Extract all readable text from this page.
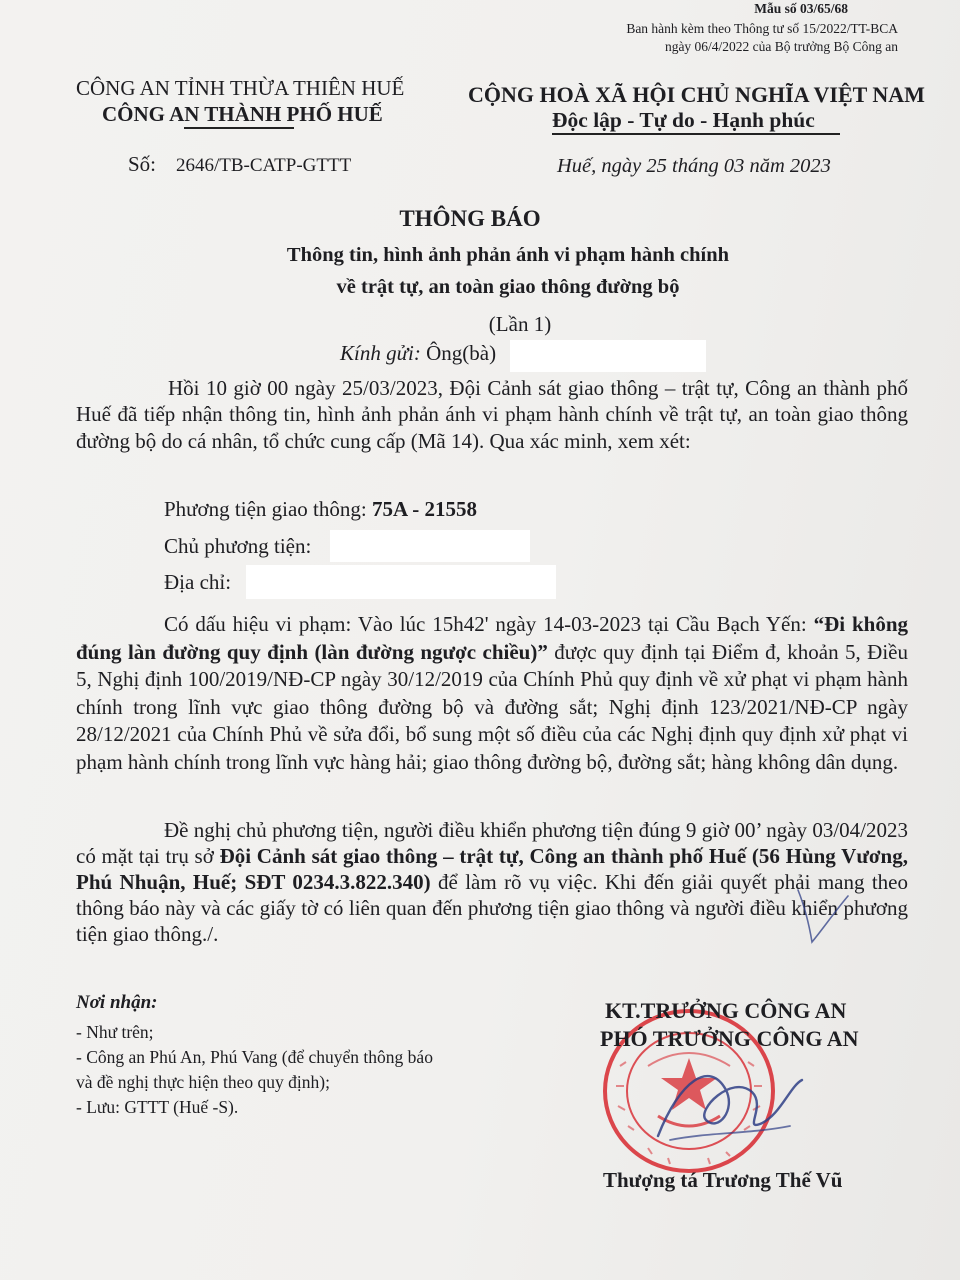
Mẫu số 03/65/68
Ban hành kèm theo Thông tư số 15/2022/TT-BCA
ngày 06/4/2022 của Bộ trưởng Bộ Công an
CÔNG AN TỈNH THỪA THIÊN HUẾ
CÔNG AN THÀNH PHỐ HUẾ
CỘNG HOÀ XÃ HỘI CHỦ NGHĨA VIỆT NAM
Độc lập - Tự do - Hạnh phúc
Số: 2646/TB-CATP-GTTT	Huế, ngày 25 tháng 03 năm 2023
THÔNG BÁO
Thông tin, hình ảnh phản ánh vi phạm hành chính
về trật tự, an toàn giao thông đường bộ
(Lần 1)
Kính gửi: Ông(bà)

Hồi 10 giờ 00 ngày 25/03/2023, Đội Cảnh sát giao thông – trật tự, Công an thành phố Huế đã tiếp nhận thông tin, hình ảnh phản ánh vi phạm hành chính về trật tự, an toàn giao thông đường bộ do cá nhân, tổ chức cung cấp (Mã 14). Qua xác minh, xem xét:

Phương tiện giao thông: 75A - 21558
Chủ phương tiện:
Địa chỉ:

Có dấu hiệu vi phạm: Vào lúc 15h42' ngày 14-03-2023 tại Cầu Bạch Yến: “Đi không đúng làn đường quy định (làn đường ngược chiều)” được quy định tại Điểm đ, khoản 5, Điều 5, Nghị định 100/2019/NĐ-CP ngày 30/12/2019 của Chính Phủ quy định về xử phạt vi phạm hành chính trong lĩnh vực giao thông đường bộ và đường sắt; Nghị định 123/2021/NĐ-CP ngày 28/12/2021 của Chính Phủ về sửa đổi, bổ sung một số điều của các Nghị định quy định xử phạt vi phạm hành chính trong lĩnh vực hàng hải; giao thông đường bộ, đường sắt; hàng không dân dụng.

Đề nghị chủ phương tiện, người điều khiển phương tiện đúng 9 giờ 00’ ngày 03/04/2023 có mặt tại trụ sở Đội Cảnh sát giao thông – trật tự, Công an thành phố Huế (56 Hùng Vương, Phú Nhuận, Huế; SĐT 0234.3.822.340) để làm rõ vụ việc. Khi đến giải quyết phải mang theo thông báo này và các giấy tờ có liên quan đến phương tiện giao thông và người điều khiển phương tiện giao thông./.

Nơi nhận:
- Như trên;
- Công an Phú An, Phú Vang (để chuyển thông báo
và đề nghị thực hiện theo quy định);
- Lưu: GTTT (Huế -S).
KT.TRƯỞNG CÔNG AN
PHÓ TRƯỞNG CÔNG AN
Thượng tá Trương Thế Vũ
